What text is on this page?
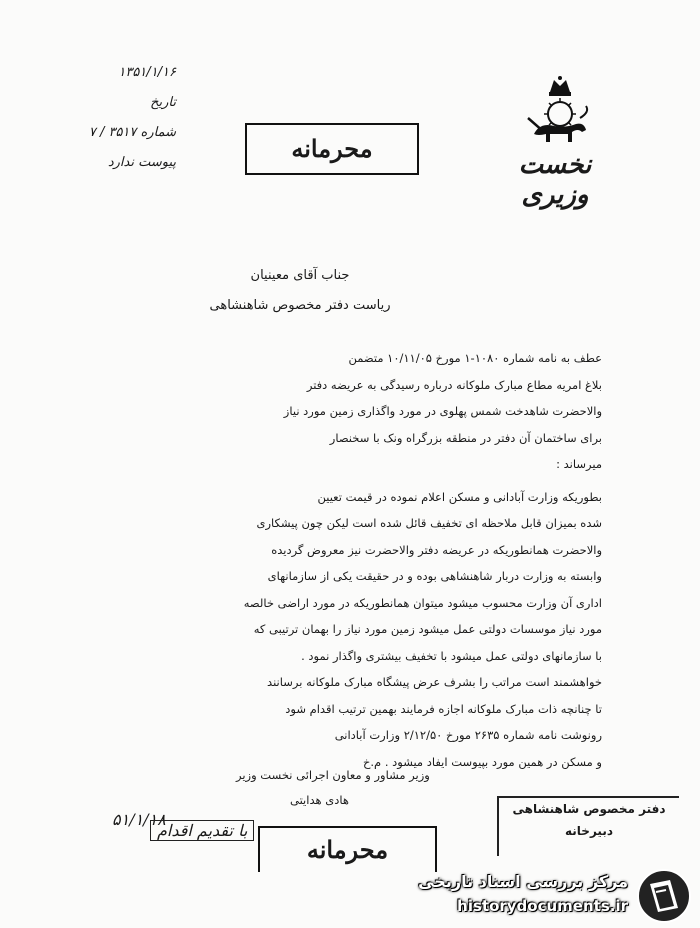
۱۳۵۱/۱/۱۶
تاریخ
شماره ۳۵۱۷ / ۷
پیوست ندارد	محرمانه
نخست وزیری
جناب آقای معینیان
ریاست دفتر مخصوص شاهنشاهی

عطف به نامه شماره ۱۰۸۰-۱ مورخ ۱۰/۱۱/۰۵ متضمن

بلاغ امریه مطاع مبارک ملوکانه درباره رسیدگی به عریضه دفتر

والاحضرت شاهدخت شمس پهلوی در مورد واگذاری زمین مورد نیاز

برای ساختمان آن دفتر در منطقه بزرگراه ونک با سخنصار

میرساند :

بطوریکه وزارت آبادانی و مسکن اعلام نموده در قیمت تعیین

شده بمیزان قابل ملاحظه ای تخفیف قائل شده است لیکن چون پیشکاری

والاحضرت همانطوریکه در عریضه دفتر والاحضرت نیز معروض گردیده

وابسته به وزارت دربار شاهنشاهی بوده و در حقیقت یکی از سازمانهای

اداری آن وزارت محسوب میشود میتوان همانطوریکه در مورد اراضی خالصه

مورد نیاز موسسات دولتی عمل میشود زمین مورد نیاز را بهمان ترتیبی که

با سازمانهای دولتی عمل میشود با تخفیف بیشتری واگذار نمود .

خواهشمند است مراتب را بشرف عرض پیشگاه مبارک ملوکانه برسانند

تا چنانچه ذات مبارک ملوکانه اجازه فرمایند بهمین ترتیب اقدام شود

رونوشت نامه شماره ۲۶۳۵ مورخ ۲/۱۲/۵۰ وزارت آبادانی

و مسکن در همین مورد بپیوست ایفاد میشود . م.خ

وزیر مشاور و معاون اجرائی نخست وزیر
هادی هدایتی
۵۱/۱/۱۸
با تقدیم اقدام
محرمانه
دفتر مخصوص شاهنشاهی
دبیرخانه
مرکز بررسی اسناد تاریخی
historydocuments.ir
